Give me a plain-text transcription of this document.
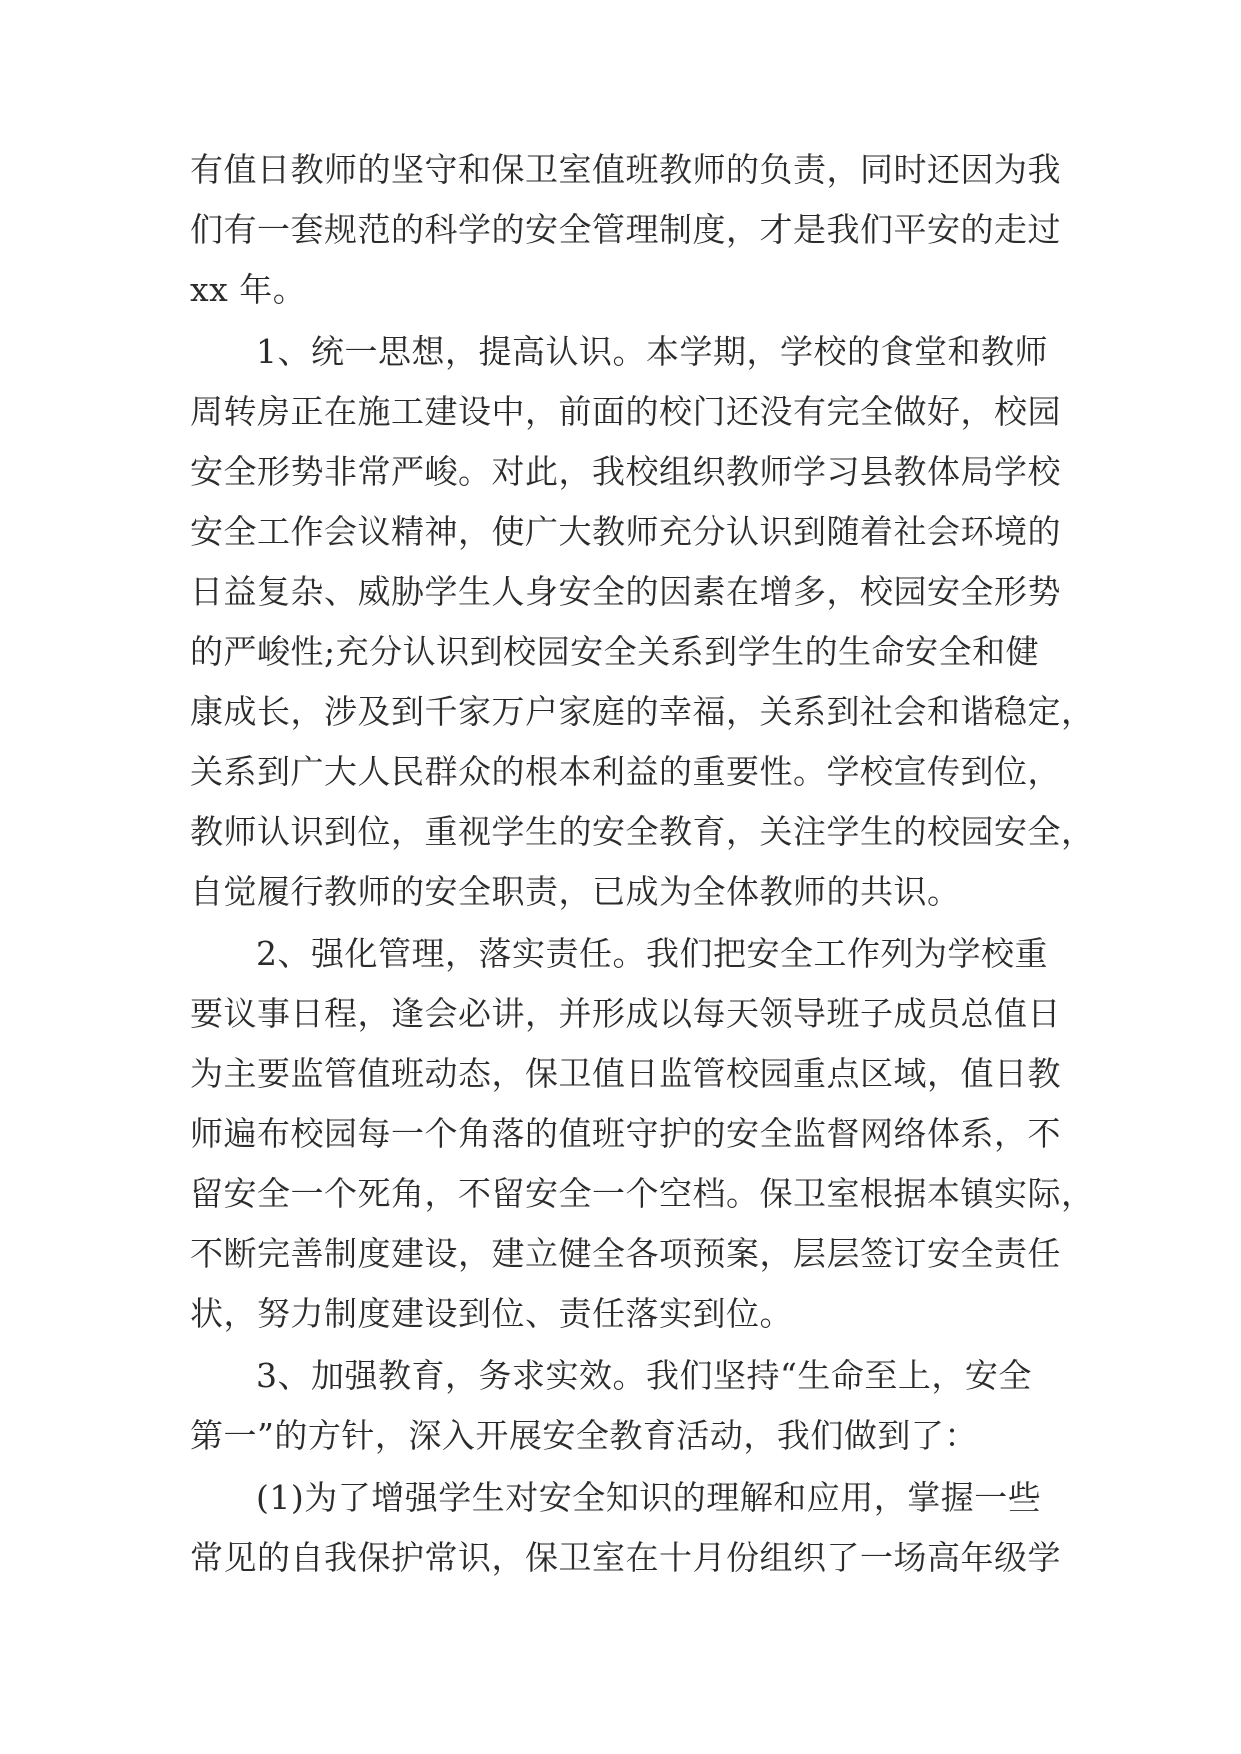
有值日教师的坚守和保卫室值班教师的负责，同时还因为我
们有一套规范的科学的安全管理制度，才是我们平安的走过
xx 年。
1、统一思想，提高认识。本学期，学校的食堂和教师
周转房正在施工建设中，前面的校门还没有完全做好，校园
安全形势非常严峻。对此，我校组织教师学习县教体局学校
安全工作会议精神，使广大教师充分认识到随着社会环境的
日益复杂、威胁学生人身安全的因素在增多，校园安全形势
的严峻性;充分认识到校园安全关系到学生的生命安全和健
康成长，涉及到千家万户家庭的幸福，关系到社会和谐稳定，
关系到广大人民群众的根本利益的重要性。学校宣传到位，
教师认识到位，重视学生的安全教育，关注学生的校园安全，
自觉履行教师的安全职责，已成为全体教师的共识。
2、强化管理，落实责任。我们把安全工作列为学校重
要议事日程，逢会必讲，并形成以每天领导班子成员总值日
为主要监管值班动态，保卫值日监管校园重点区域，值日教
师遍布校园每一个角落的值班守护的安全监督网络体系，不
留安全一个死角，不留安全一个空档。保卫室根据本镇实际，
不断完善制度建设，建立健全各项预案，层层签订安全责任
状，努力制度建设到位、责任落实到位。
3、加强教育，务求实效。我们坚持“生命至上，安全
第一”的方针，深入开展安全教育活动，我们做到了：
(1)为了增强学生对安全知识的理解和应用，掌握一些
常见的自我保护常识，保卫室在十月份组织了一场高年级学
